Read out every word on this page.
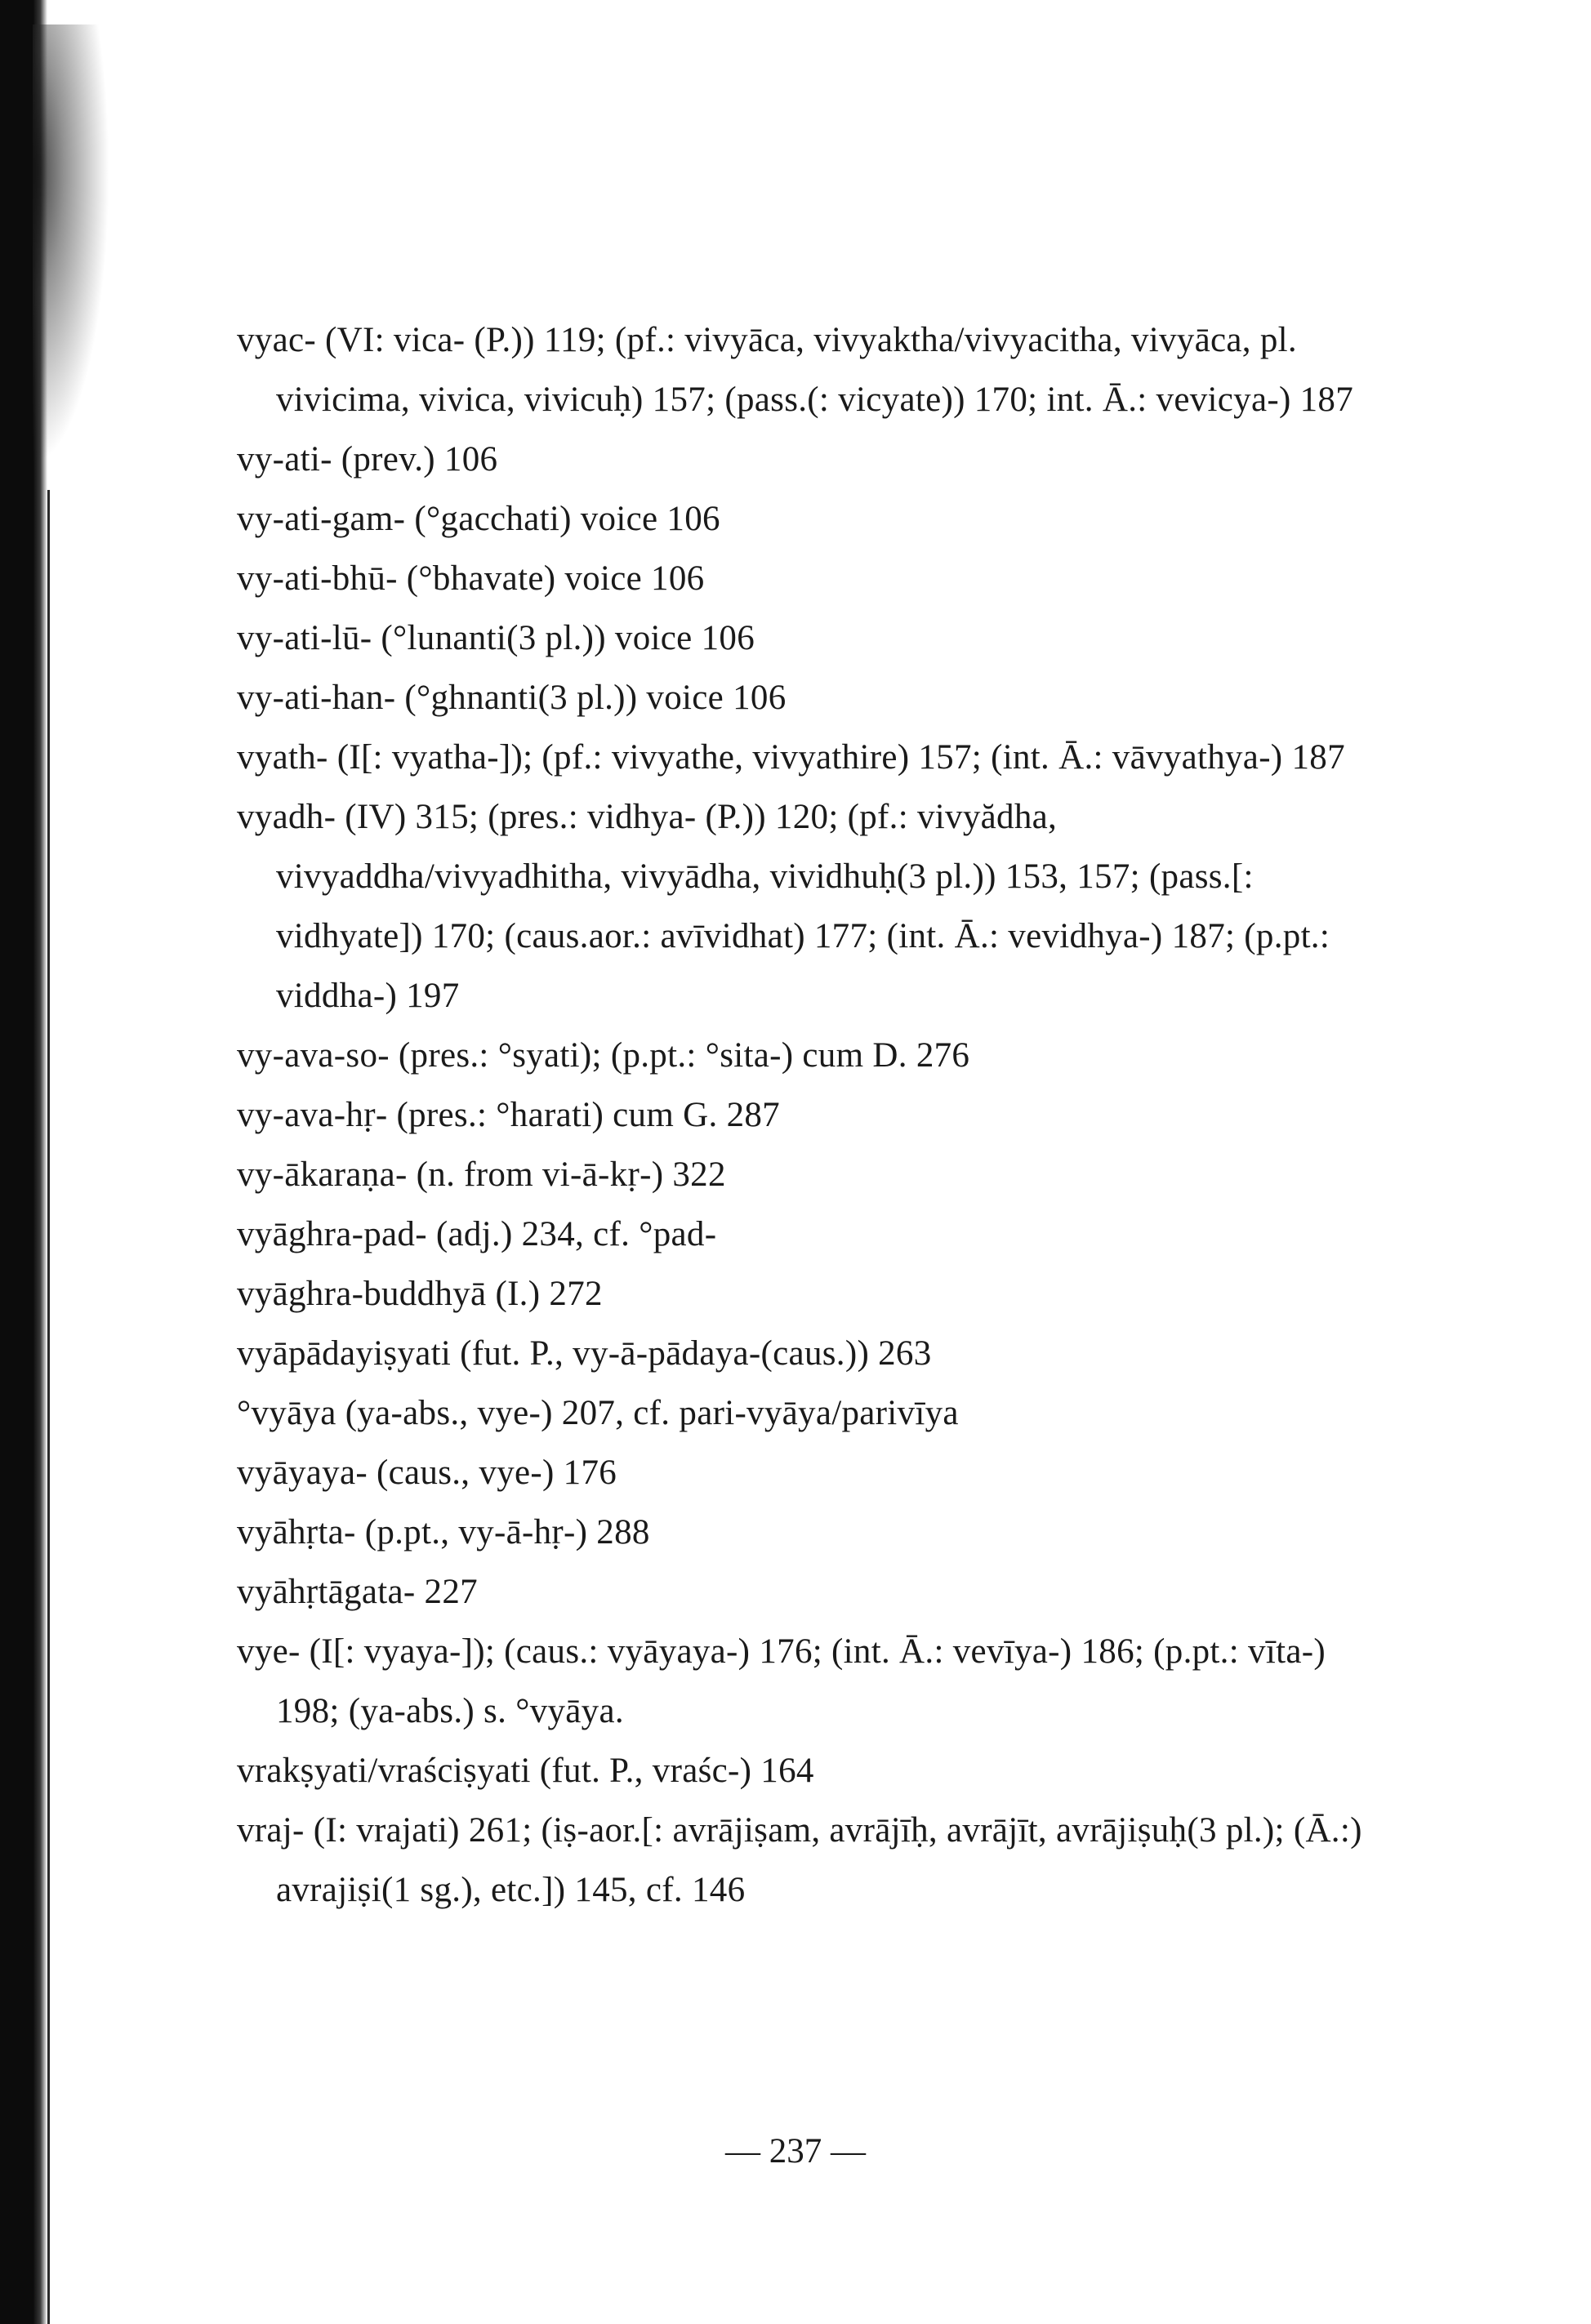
vyac- (VI: vica- (P.)) 119; (pf.: vivyāca, vivyaktha/vivyacitha, vivyāca, pl. vivicima, vivica, vivicuḥ) 157; (pass.(: vicyate)) 170; int. Ā.: vevicya-) 187

vy-ati- (prev.) 106

vy-ati-gam- (°gacchati) voice 106

vy-ati-bhū- (°bhavate) voice 106

vy-ati-lū- (°lunanti(3 pl.)) voice 106

vy-ati-han- (°ghnanti(3 pl.)) voice 106

vyath- (I[: vyatha-]); (pf.: vivyathe, vivyathire) 157; (int. Ā.: vāvyathya-) 187

vyadh- (IV) 315; (pres.: vidhya- (P.)) 120; (pf.: vivyădha, vivyaddha/vivyadhitha, vivyādha, vividhuḥ(3 pl.)) 153, 157; (pass.[: vidhyate]) 170; (caus.aor.: avīvidhat) 177; (int. Ā.: vevidhya-) 187; (p.pt.: viddha-) 197

vy-ava-so- (pres.: °syati); (p.pt.: °sita-) cum D. 276

vy-ava-hṛ- (pres.: °harati) cum G. 287

vy-ākaraṇa- (n. from vi-ā-kṛ-) 322

vyāghra-pad- (adj.) 234, cf. °pad-

vyāghra-buddhyā (I.) 272

vyāpādayiṣyati (fut. P., vy-ā-pādaya-(caus.)) 263

°vyāya (ya-abs., vye-) 207, cf. pari-vyāya/parivīya

vyāyaya- (caus., vye-) 176

vyāhṛta- (p.pt., vy-ā-hṛ-) 288

vyāhṛtāgata- 227

vye- (I[: vyaya-]); (caus.: vyāyaya-) 176; (int. Ā.: vevīya-) 186; (p.pt.: vīta-) 198; (ya-abs.) s. °vyāya.

vrakṣyati/vraściṣyati (fut. P., vraśc-) 164

vraj- (I: vrajati) 261; (iṣ-aor.[: avrājiṣam, avrājīḥ, avrājīt, avrājiṣuḥ(3 pl.); (Ā.:) avrajiṣi(1 sg.), etc.]) 145, cf. 146

— 237 —
